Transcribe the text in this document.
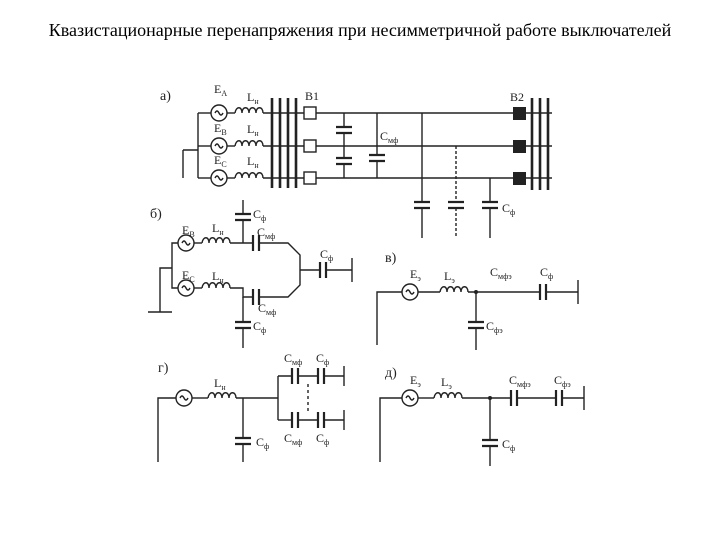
Квазистационарные перенапряжения при несимметричной работе выключателей
а)	$E_A$ $L_н$
$E_B$ $L_н$
$E_C$ $L_н$
В1	В2
$C_{мф}$
$C_ф$
б)
$E_B$ $L_н$
$C_ф$
$C_{мф}$
$C_ф$
$E_C$ $L_н$
$C_{мф}$
$C_ф$
в)
$E_э$ $L_э$
$C_{мфэ}$ $C_ф$
$C_{фэ}$
г)
$L_н$
$C_{мф}$ $C_ф$
$C_{мф}$ $C_ф$
$C_ф$
д) $E_э$ $L_э$	$C_{мфэ}$ $C_{фэ}$
$C_ф$
